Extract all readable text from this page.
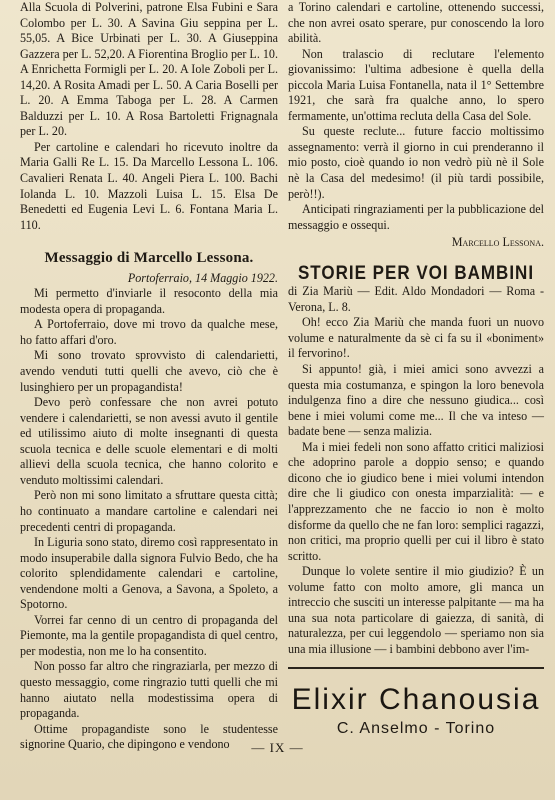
Alla Scuola di Polverini, patrone Elsa Fubini e Sara Colombo per L. 30. A Savina Giu seppina per L. 55,05. A Bice Urbinati per L. 30. A Giuseppina Gazzera per L. 52,20. A Fiorentina Broglio per L. 10. A Enrichetta Formigli per L. 20. A Iole Zoboli per L. 14,20. A Rosita Amadi per L. 50. A Caria Boselli per L. 20. A Emma Taboga per L. 28. A Carmen Balduzzi per L. 10. A Rosa Bartoletti Frignagnala per L. 20.

Per cartoline e calendari ho ricevuto inoltre da Maria Galli Re L. 15. Da Marcello Lessona L. 106. Cavalieri Renata L. 40. Angeli Piera L. 100. Bachi Iolanda L. 10. Mazzoli Luisa L. 15. Elsa De Benedetti ed Eugenia Levi L. 6. Fontana Maria L. 110.

Messaggio di Marcello Lessona.
Portoferraio, 14 Maggio 1922.

Mi permetto d'inviarle il resoconto della mia modesta opera di propaganda.

A Portoferraio, dove mi trovo da qualche mese, ho fatto affari d'oro.

Mi sono trovato sprovvisto di calendarietti, avendo venduti tutti quelli che avevo, ciò che è lusinghiero per un propagandista!

Devo però confessare che non avrei potuto vendere i calendarietti, se non avessi avuto il gentile ed utilissimo aiuto di molte insegnanti di questa scuola tecnica e delle scuole elementari e di molti allievi della scuola tecnica, che hanno colorito e venduto moltissimi calendari.

Però non mi sono limitato a sfruttare questa città; ho continuato a mandare cartoline e calendari nei precedenti centri di propaganda.

In Liguria sono stato, diremo così rappresentato in modo insuperabile dalla signora Fulvio Bedo, che ha colorito splendidamente calendari e cartoline, vendendone molti a Genova, a Savona, a Spoleto, a Spotorno.

Vorrei far cenno di un centro di propaganda del Piemonte, ma la gentile propagandista di quel centro, per modestia, non me lo ha consentito.

Non posso far altro che ringraziarla, per mezzo di questo messaggio, come ringrazio tutti quelli che mi hanno aiutato nella modestissima opera di propaganda.

Ottime propagandiste sono le studentesse signorine Quario, che dipingono e vendono

a Torino calendari e cartoline, ottenendo successi, che non avrei osato sperare, pur conoscendo la loro abilità.

Non tralascio di reclutare l'elemento giovanissimo: l'ultima adbesione è quella della piccola Maria Luisa Fontanella, nata il 1° Settembre 1921, che sarà fra qualche anno, lo spero fermamente, un'ottima recluta della Casa del Sole.

Su queste reclute... future faccio moltissimo assegnamento: verrà il giorno in cui prenderanno il mio posto, cioè quando io non vedrò più nè il Sole nè la Casa del medesimo! (il più tardi possibile, però!!).

Anticipati ringraziamenti per la pubblicazione del messaggio e ossequi.

Marcello Lessona.
STORIE PER VOI BAMBINI

di Zia Mariù — Edit. Aldo Mondadori — Roma - Verona, L. 8.

Oh! ecco Zia Mariù che manda fuori un nuovo volume e naturalmente da sè ci fa su il «boniment» il fervorino!.

Si appunto! già, i miei amici sono avvezzi a questa mia costumanza, e spingon la loro benevola indulgenza fino a dire che nessuno giudica... così bene i miei volumi come me... Il che va inteso — badate bene — senza malizia.

Ma i miei fedeli non sono affatto critici maliziosi che adoprino parole a doppio senso; e quando dicono che io giudico bene i miei volumi intendon dire che li giudico con onesta imparzialità: — e l'apprezzamento che ne faccio io non è molto disforme da quello che ne fan loro: semplici ragazzi, non critici, ma proprio quelli per cui il libro è stato scritto.

Dunque lo volete sentire il mio giudizio? È un volume fatto con molto amore, gli manca un intreccio che susciti un interesse palpitante — ma ha una sua nota particolare di gaiezza, di sanità, di naturalezza, per cui leggendolo — speriamo non sia una mia illusione — i bambini debbono aver l'im-

Elixir Chanousia
C. Anselmo - Torino
— IX —
